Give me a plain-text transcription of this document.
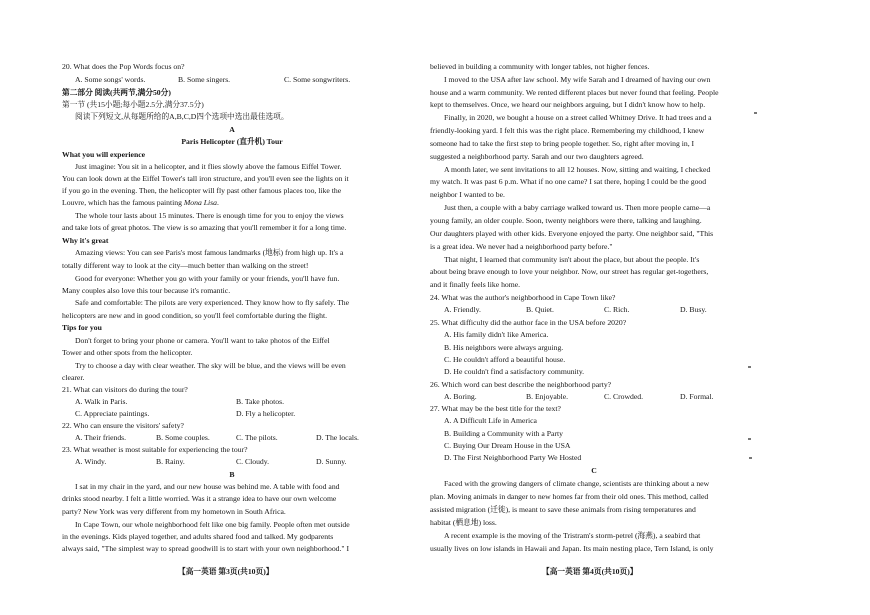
20. What does the Pop Words focus on?
A. Some songs' words.	B. Some singers.	C. Some songwriters.
第二部分 阅读(共两节,满分50分)
第一节 (共15小题;每小题2.5分,满分37.5分)
阅读下列短文,从每题所给的A,B,C,D四个选项中选出最佳选项。
A
Paris Helicopter (直升机) Tour
What you will experience
Just imagine: You sit in a helicopter, and it flies slowly above the famous Eiffel Tower.
You can look down at the Eiffel Tower's tall iron structure, and you'll even see the lights on it
if you go in the evening. Then, the helicopter will fly past other famous places too, like the
Louvre, which has the famous painting Mona Lisa.
The whole tour lasts about 15 minutes. There is enough time for you to enjoy the views
and take lots of great photos. The view is so amazing that you'll remember it for a long time.
Why it's great
Amazing views: You can see Paris's most famous landmarks (地标) from high up. It's a
totally different way to look at the city—much better than walking on the street!
Good for everyone: Whether you go with your family or your friends, you'll have fun.
Many couples also love this tour because it's romantic.
Safe and comfortable: The pilots are very experienced. They know how to fly safely. The
helicopters are new and in good condition, so you'll feel comfortable during the flight.
Tips for you
Don't forget to bring your phone or camera. You'll want to take photos of the Eiffel
Tower and other spots from the helicopter.
Try to choose a day with clear weather. The sky will be blue, and the views will be even
clearer.
21. What can visitors do during the tour?
A. Walk in Paris.	B. Take photos.
C. Appreciate paintings.	D. Fly a helicopter.
22. Who can ensure the visitors' safety?
A. Their friends.	B. Some couples.	C. The pilots.	D. The locals.
23. What weather is most suitable for experiencing the tour?
A. Windy.	B. Rainy.	C. Cloudy.	D. Sunny.
B
I sat in my chair in the yard, and our new house was behind me. A table with food and
drinks stood nearby. I felt a little worried. Was it a strange idea to have our own welcome
party? New York was very different from my hometown in South Africa.
In Cape Town, our whole neighborhood felt like one big family. People often met outside
in the evenings. Kids played together, and adults shared food and talked. My godparents
always said, "The simplest way to spread goodwill is to start with your own neighborhood." I
【高一英语 第3页(共10页)】
believed in building a community with longer tables, not higher fences.
I moved to the USA after law school. My wife Sarah and I dreamed of having our own
house and a warm community. We rented different places but never found that feeling. People
kept to themselves. Once, we heard our neighbors arguing, but I didn't know how to help.
Finally, in 2020, we bought a house on a street called Whitney Drive. It had trees and a
friendly-looking yard. I felt this was the right place. Remembering my childhood, I knew
someone had to take the first step to bring people together. So, right after moving in, I
suggested a neighborhood party. Sarah and our two daughters agreed.
A month later, we sent invitations to all 12 houses. Now, sitting and waiting, I checked
my watch. It was past 6 p.m. What if no one came? I sat there, hoping I could be the good
neighbor I wanted to be.
Just then, a couple with a baby carriage walked toward us. Then more people came—a
young family, an older couple. Soon, twenty neighbors were there, talking and laughing.
Our daughters played with other kids. Everyone enjoyed the party. One neighbor said, "This
is a great idea. We never had a neighborhood party before."
That night, I learned that community isn't about the place, but about the people. It's
about being brave enough to love your neighbor. Now, our street has regular get-togethers,
and it finally feels like home.
24. What was the author's neighborhood in Cape Town like?
A. Friendly.	B. Quiet.	C. Rich.	D. Busy.
25. What difficulty did the author face in the USA before 2020?
A. His family didn't like America.
B. His neighbors were always arguing.
C. He couldn't afford a beautiful house.
D. He couldn't find a satisfactory community.
26. Which word can best describe the neighborhood party?
A. Boring.	B. Enjoyable.	C. Crowded.	D. Formal.
27. What may be the best title for the text?
A. A Difficult Life in America
B. Building a Community with a Party
C. Buying Our Dream House in the USA
D. The First Neighborhood Party We Hosted
C
Faced with the growing dangers of climate change, scientists are thinking about a new
plan. Moving animals in danger to new homes far from their old ones. This method, called
assisted migration (迁徙), is meant to save these animals from rising temperatures and
habitat (栖息地) loss.
A recent example is the moving of the Tristram's storm-petrel (海燕), a seabird that
usually lives on low islands in Hawaii and Japan. Its main nesting place, Tern Island, is only
【高一英语 第4页(共10页)】
